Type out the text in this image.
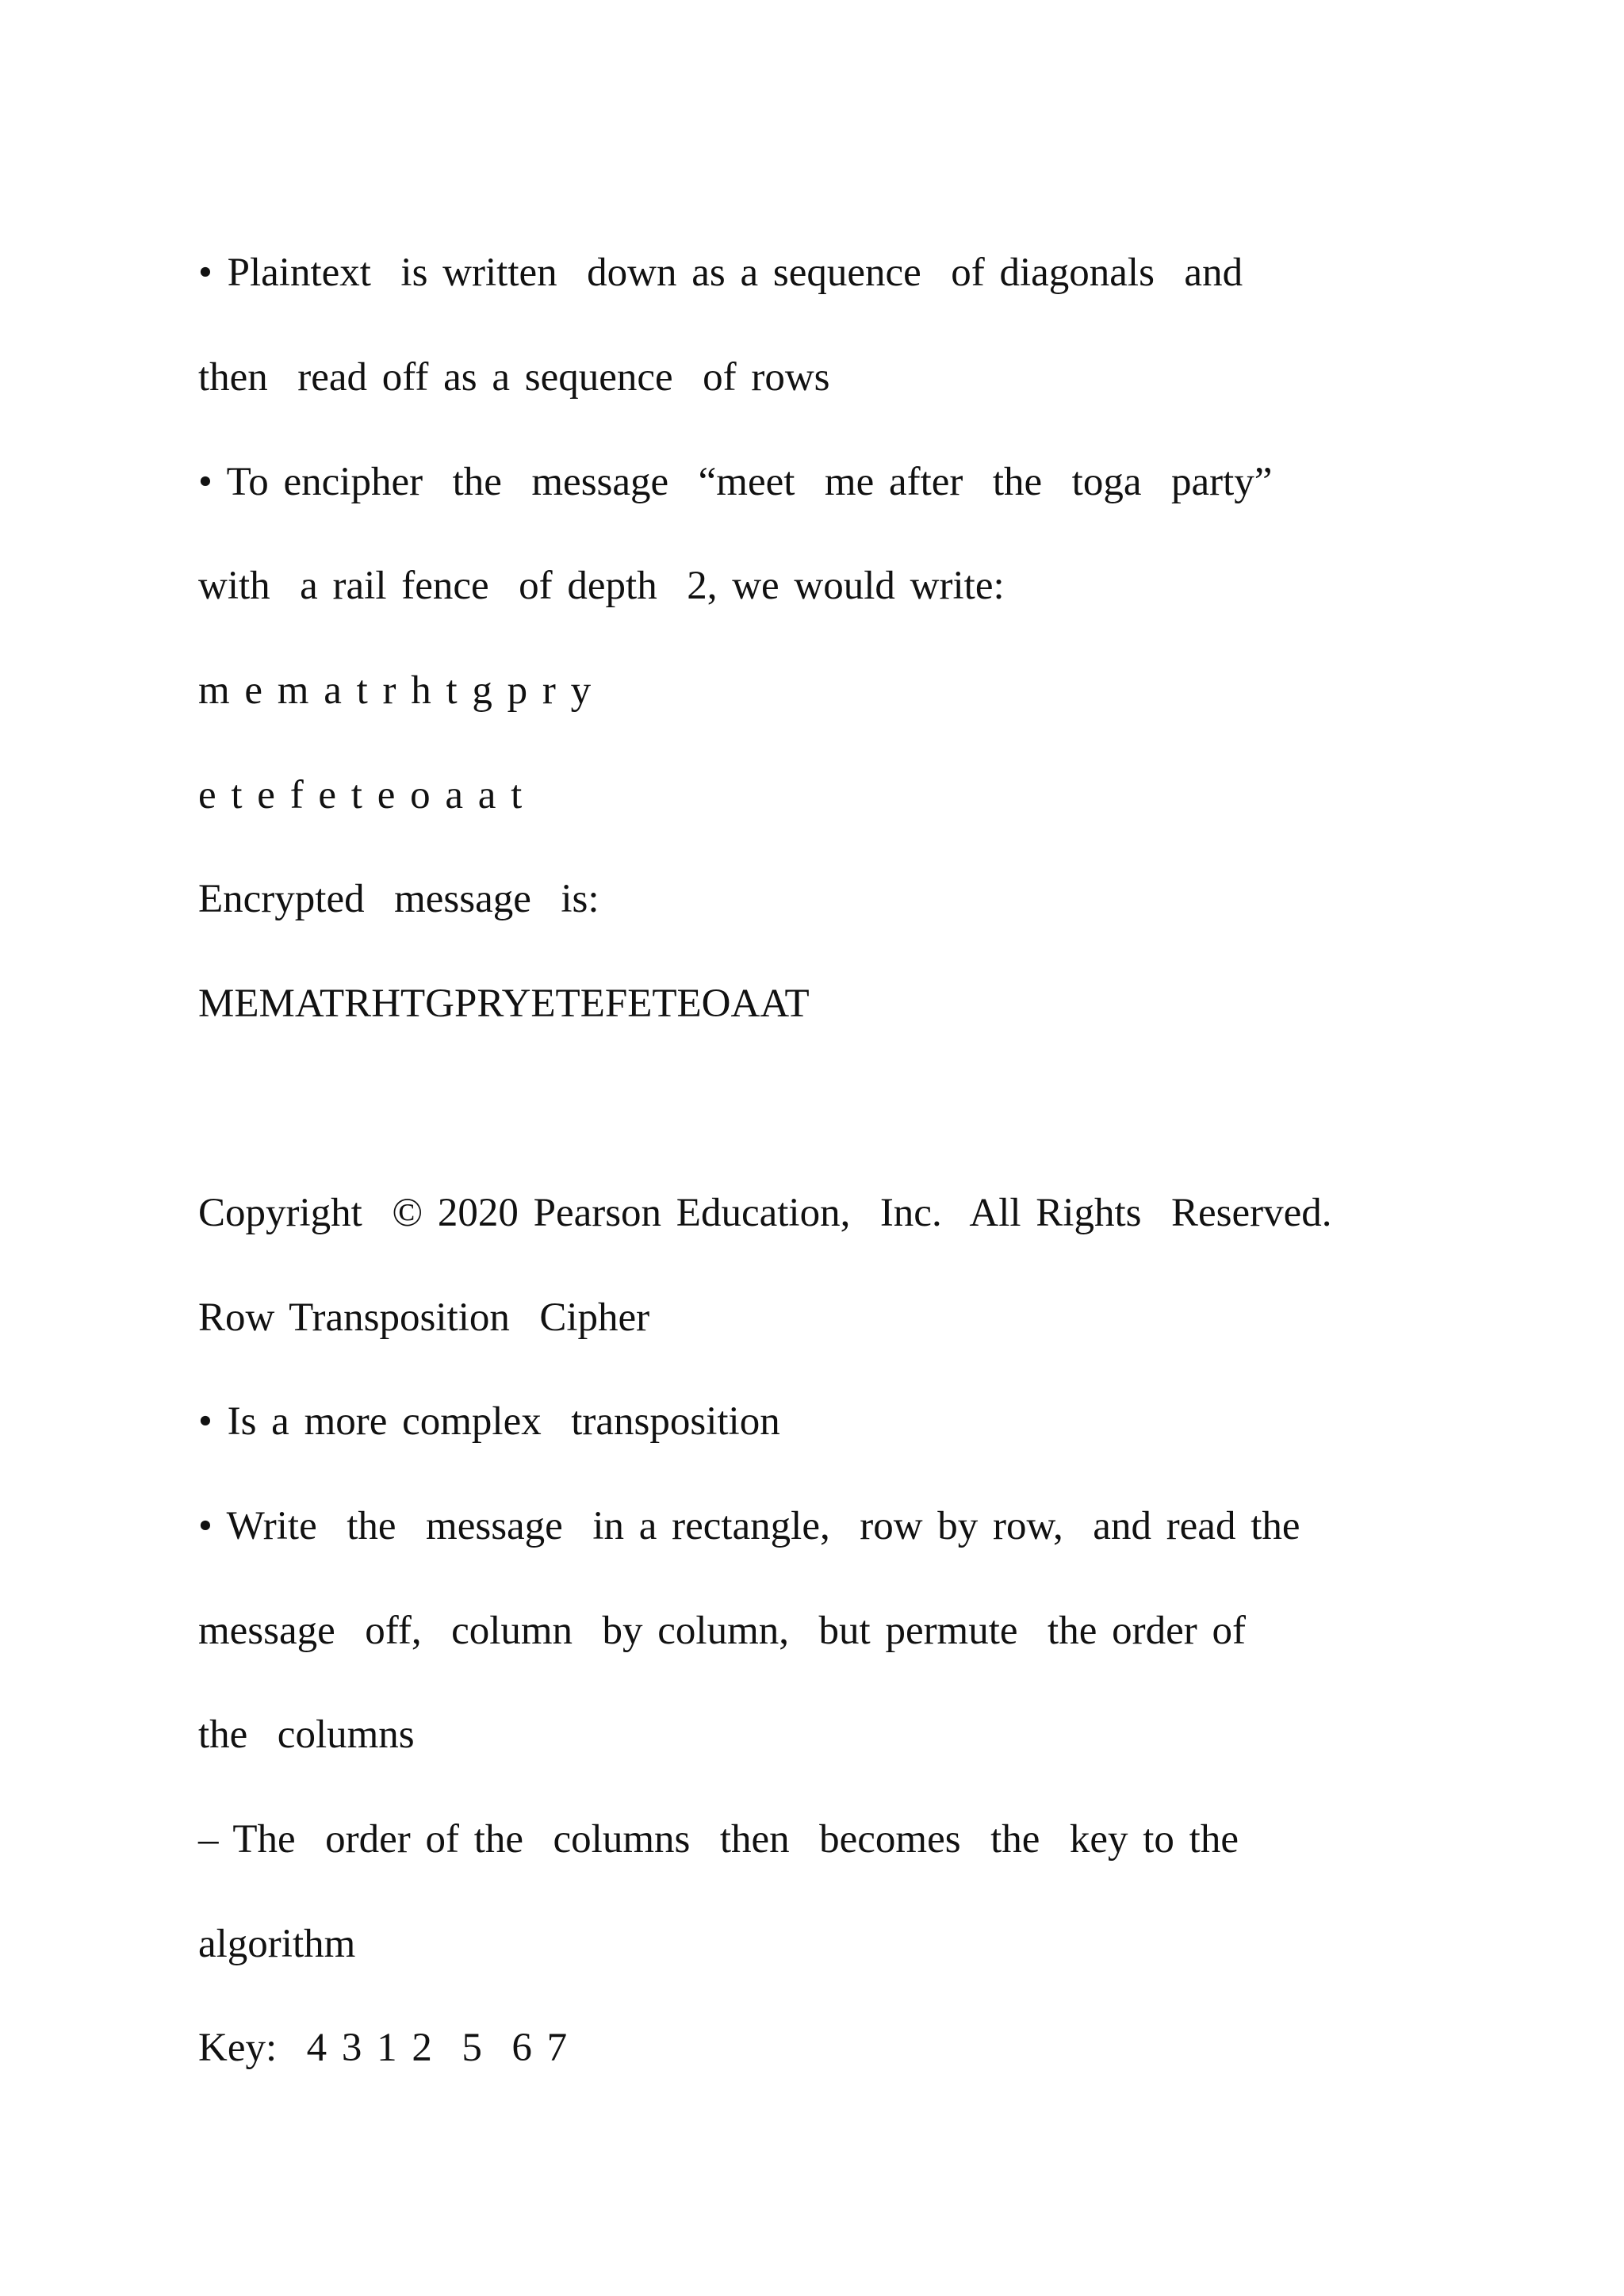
• Plaintext  is written  down as a sequence  of diagonals  and

then  read off as a sequence  of rows

• To encipher  the  message  “meet  me after  the  toga  party”

with  a rail fence  of depth  2, we would write:

m e m a t r h t g p r y

e t e f e t e o a a t

Encrypted  message  is:

MEMATRHTGPRYETEFETEOAAT

Copyright  © 2020 Pearson Education,  Inc.  All Rights  Reserved.

Row Transposition  Cipher

• Is a more complex  transposition

• Write  the  message  in a rectangle,  row by row,  and read the

message  off,  column  by column,  but permute  the order of

the  columns

– The  order of the  columns  then  becomes  the  key to the

algorithm

Key:  4 3 1 2  5  6 7
